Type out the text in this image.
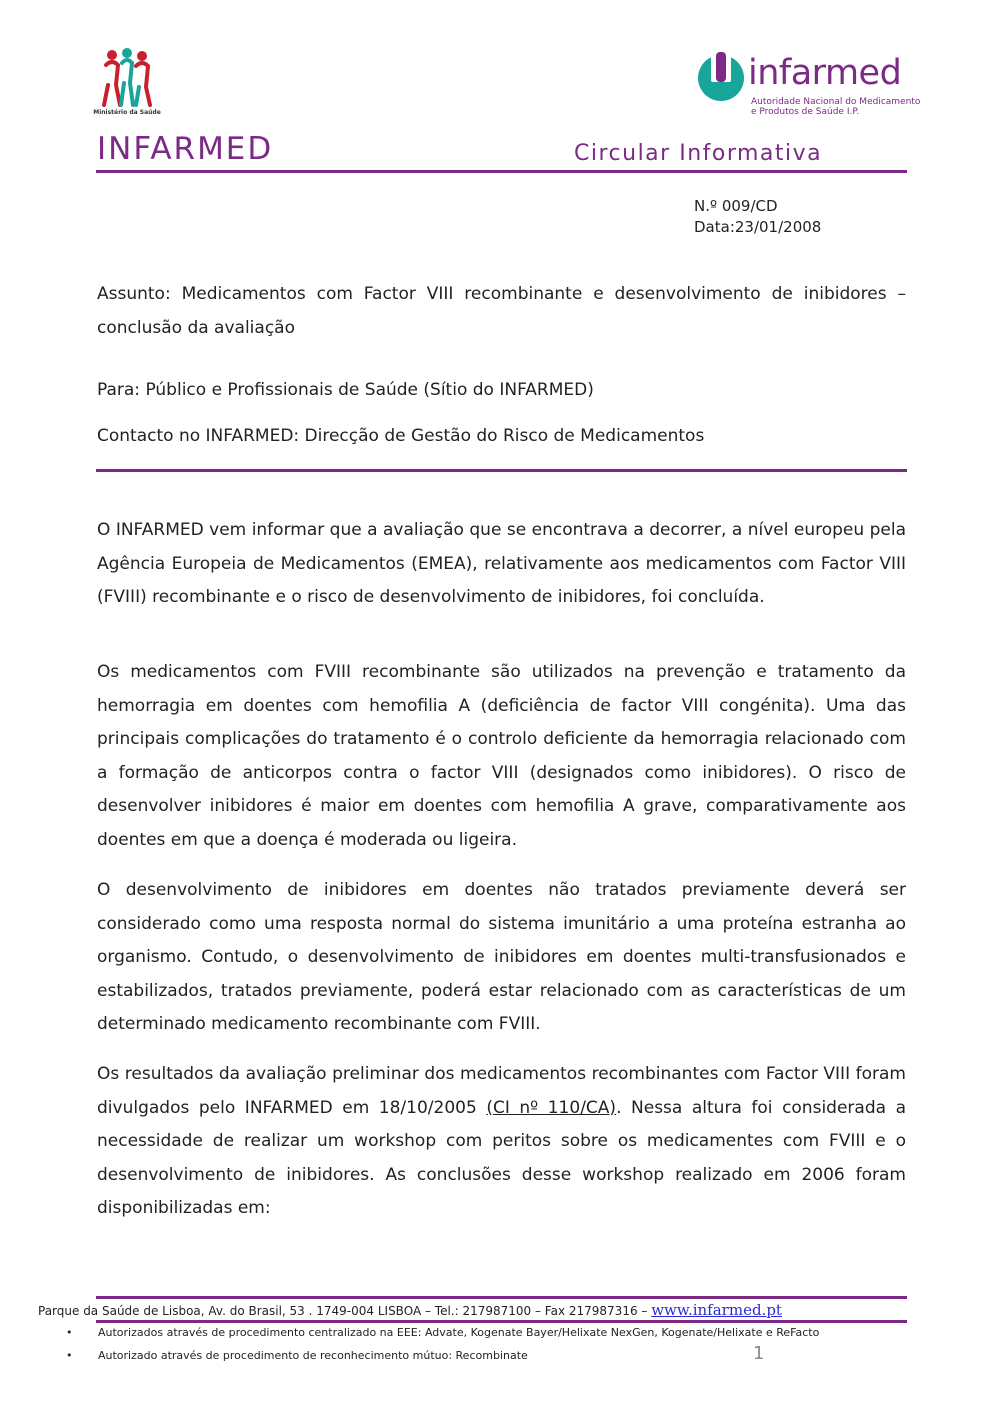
Ministério da Saúde
infarmed
Autoridade Nacional do Medicamento
e Produtos de Saúde I.P.
INFARMED	Circular Informativa
N.º 009/CD
Data:23/01/2008
Assunto: Medicamentos com Factor VIII recombinante e desenvolvimento de inibidores – conclusão da avaliação
Para: Público e Profissionais de Saúde (Sítio do INFARMED)
Contacto no INFARMED: Direcção de Gestão do Risco de Medicamentos
O INFARMED vem informar que a avaliação que se encontrava a decorrer, a nível europeu pela Agência Europeia de Medicamentos (EMEA), relativamente aos medicamentos com Factor VIII (FVIII) recombinante e o risco de desenvolvimento de inibidores, foi concluída.
Os medicamentos com FVIII recombinante são utilizados na prevenção e tratamento da hemorragia em doentes com hemofilia A (deficiência de factor VIII congénita). Uma das principais complicações do tratamento é o controlo deficiente da hemorragia relacionado com a formação de anticorpos contra o factor VIII (designados como inibidores). O risco de desenvolver inibidores é maior em doentes com hemofilia A grave, comparativamente aos doentes em que a doença é moderada ou ligeira.
O desenvolvimento de inibidores em doentes não tratados previamente deverá ser considerado como uma resposta normal do sistema imunitário a uma proteína estranha ao organismo. Contudo, o desenvolvimento de inibidores em doentes multi-transfusionados e estabilizados, tratados previamente, poderá estar relacionado com as características de um determinado medicamento recombinante com FVIII.
Os resultados da avaliação preliminar dos medicamentos recombinantes com Factor VIII foram divulgados pelo INFARMED em 18/10/2005 (CI nº 110/CA). Nessa altura foi considerada a necessidade de realizar um workshop com peritos sobre os medicamentes com FVIII e o desenvolvimento de inibidores. As conclusões desse workshop realizado em 2006 foram disponibilizadas em:
Parque da Saúde de Lisboa, Av. do Brasil, 53 . 1749-004 LISBOA – Tel.: 217987100 – Fax 217987316 – www.infarmed.pt
• Autorizados através de procedimento centralizado na EEE: Advate, Kogenate Bayer/Helixate NexGen, Kogenate/Helixate e ReFacto
• Autorizado através de procedimento de reconhecimento mútuo: Recombinate	1
